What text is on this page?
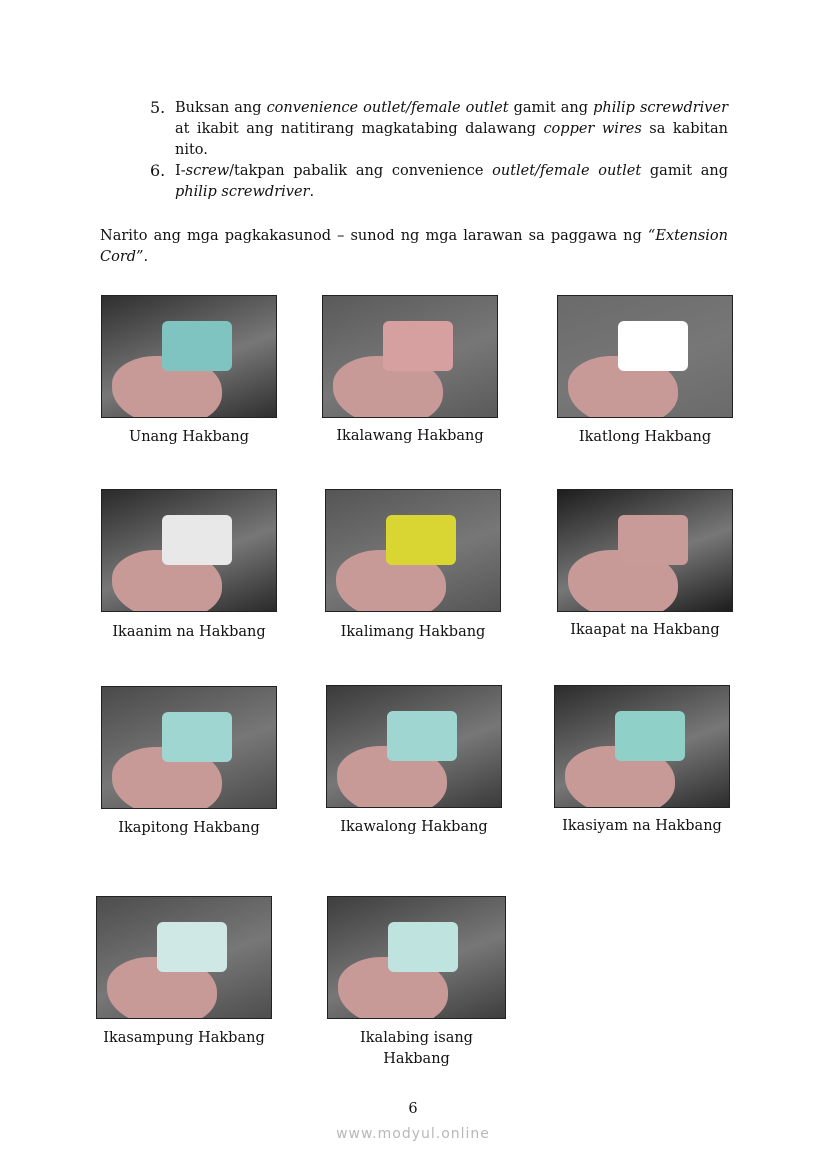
5. Buksan ang convenience outlet/female outlet gamit ang philip screwdriver at ikabit ang natitirang magkatabing dalawang copper wires sa kabitan nito.
6. I-screw/takpan pabalik ang convenience outlet/female outlet gamit ang philip screwdriver.
Narito ang mga pagkakasunod – sunod ng mga larawan sa paggawa ng “Extension Cord”.
Unang Hakbang	Ikalawang Hakbang	Ikatlong Hakbang
Ikaanim na Hakbang	Ikalimang Hakbang	Ikaapat na Hakbang
Ikapitong Hakbang	Ikawalong Hakbang	Ikasiyam na Hakbang
Ikasampung Hakbang	Ikalabing isang Hakbang
6
www.modyul.online
